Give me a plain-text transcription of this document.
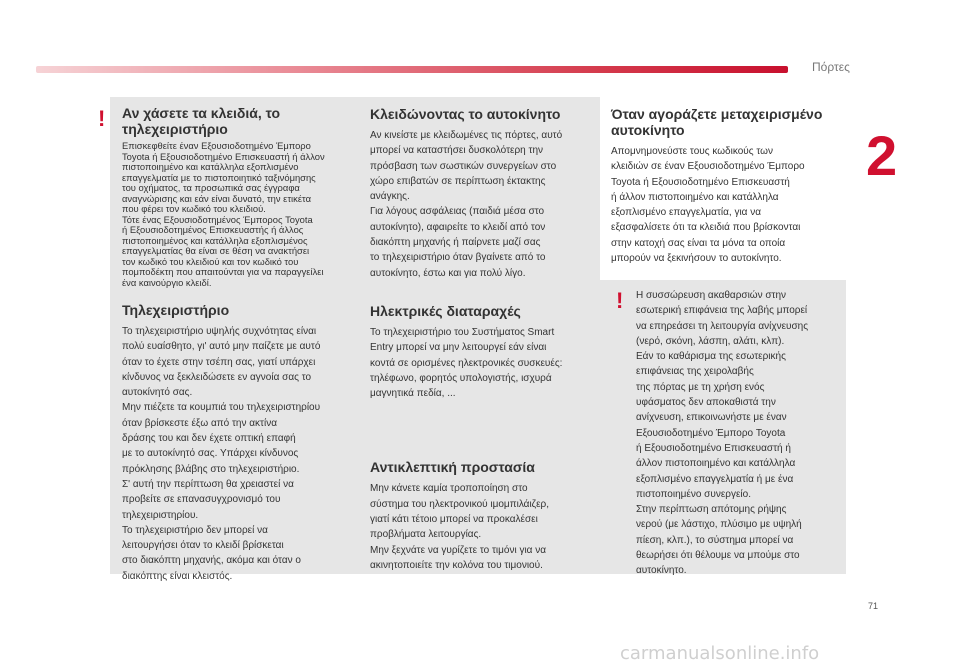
Πόρτες
2
!
!
Αν χάσετε τα κλειδιά, το τηλεχειριστήριο
Επισκεφθείτε έναν Εξουσιοδοτημένο Έμπορο
Toyota ή Εξουσιοδοτημένο Επισκευαστή ή άλλον
πιστοποιημένο και κατάλληλα εξοπλισμένο
επαγγελματία με το πιστοποιητικό ταξινόμησης
του οχήματος, τα προσωπικά σας έγγραφα
αναγνώρισης και εάν είναι δυνατό, την ετικέτα
που φέρει τον κωδικό του κλειδιού.
Τότε ένας Εξουσιοδοτημένος Έμπορος Toyota
ή Εξουσιοδοτημένος Επισκευαστής ή άλλος
πιστοποιημένος και κατάλληλα εξοπλισμένος
επαγγελματίας θα είναι σε θέση να ανακτήσει
τον κωδικό του κλειδιού και τον κωδικό του
πομποδέκτη που απαιτούνται για να παραγγείλει
ένα καινούργιο κλειδί.
Τηλεχειριστήριο
Το τηλεχειριστήριο υψηλής συχνότητας είναι
πολύ ευαίσθητο, γι' αυτό μην παίζετε με αυτό
όταν το έχετε στην τσέπη σας, γιατί υπάρχει
κίνδυνος να ξεκλειδώσετε εν αγνοία σας το
αυτοκίνητό σας.
Μην πιέζετε τα κουμπιά του τηλεχειριστηρίου
όταν βρίσκεστε έξω από την ακτίνα
δράσης του και δεν έχετε οπτική επαφή
με το αυτοκίνητό σας. Υπάρχει κίνδυνος
πρόκλησης βλάβης στο τηλεχειριστήριο.
Σ' αυτή την περίπτωση θα χρειαστεί να
προβείτε σε επανασυγχρονισμό του
τηλεχειριστηρίου.
Το τηλεχειριστήριο δεν μπορεί να
λειτουργήσει όταν το κλειδί βρίσκεται
στο διακόπτη μηχανής, ακόμα και όταν ο
διακόπτης είναι κλειστός.
Κλειδώνοντας το αυτοκίνητο
Αν κινείστε με κλειδωμένες τις πόρτες, αυτό
μπορεί να καταστήσει δυσκολότερη την
πρόσβαση των σωστικών συνεργείων στο
χώρο επιβατών σε περίπτωση έκτακτης
ανάγκης.
Για λόγους ασφάλειας (παιδιά μέσα στο
αυτοκίνητο), αφαιρείτε το κλειδί από τον
διακόπτη μηχανής ή παίρνετε μαζί σας
το τηλεχειριστήριο όταν βγαίνετε από το
αυτοκίνητο, έστω και για πολύ λίγο.
Ηλεκτρικές διαταραχές
Το τηλεχειριστήριο του Συστήματος Smart
Entry μπορεί να μην λειτουργεί εάν είναι
κοντά σε ορισμένες ηλεκτρονικές συσκευές:
τηλέφωνο, φορητός υπολογιστής, ισχυρά
μαγνητικά πεδία, ...
Αντικλεπτική προστασία
Μην κάνετε καμία τροποποίηση στο
σύστημα του ηλεκτρονικού ιμομπιλάιζερ,
γιατί κάτι τέτοιο μπορεί να προκαλέσει
προβλήματα λειτουργίας.
Μην ξεχνάτε να γυρίζετε το τιμόνι για να
ακινητοποιείτε την κολόνα του τιμονιού.
Όταν αγοράζετε μεταχειρισμένο αυτοκίνητο
Απομνημονεύστε τους κωδικούς των
κλειδιών σε έναν Εξουσιοδοτημένο Έμπορο
Toyota ή Εξουσιοδοτημένο Επισκευαστή
ή άλλον πιστοποιημένο και κατάλληλα
εξοπλισμένο επαγγελματία, για να
εξασφαλίσετε ότι τα κλειδιά που βρίσκονται
στην κατοχή σας είναι τα μόνα τα οποία
μπορούν να ξεκινήσουν το αυτοκίνητο.
Η συσσώρευση ακαθαρσιών στην
εσωτερική επιφάνεια της λαβής μπορεί
να επηρεάσει τη λειτουργία ανίχνευσης
(νερό, σκόνη, λάσπη, αλάτι, κλπ).
Εάν το καθάρισμα της εσωτερικής
επιφάνειας της χειρολαβής
της πόρτας με τη χρήση ενός
υφάσματος δεν αποκαθιστά την
ανίχνευση, επικοινωνήστε με έναν
Εξουσιοδοτημένο Έμπορο Toyota
ή Εξουσιοδοτημένο Επισκευαστή ή
άλλον πιστοποιημένο και κατάλληλα
εξοπλισμένο επαγγελματία ή με ένα
πιστοποιημένο συνεργείο.
Στην περίπτωση απότομης ρήψης
νερού (με λάστιχο, πλύσιμο με υψηλή
πίεση, κλπ.), το σύστημα μπορεί να
θεωρήσει ότι θέλουμε να μπούμε στο
αυτοκίνητο.
71
carmanualsonline.info
